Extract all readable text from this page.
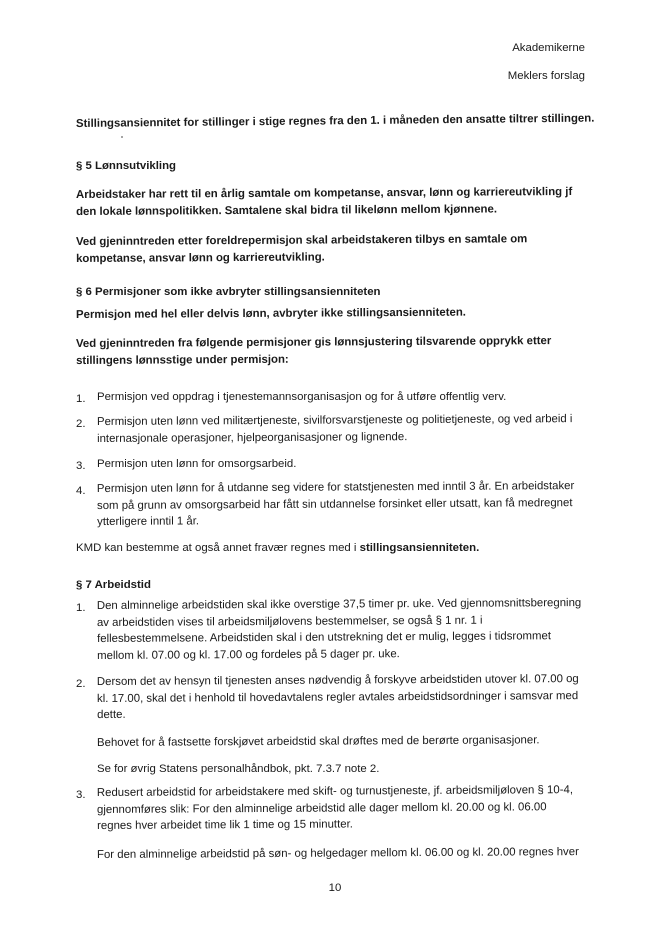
Akademikerne
Meklers forslag
Stillingsansiennitet for stillinger i stige regnes fra den 1. i måneden den ansatte tiltrer stillingen.
§ 5 Lønnsutvikling
Arbeidstaker har rett til en årlig samtale om kompetanse, ansvar, lønn og karriereutvikling jf den lokale lønnspolitikken. Samtalene skal bidra til likelønn mellom kjønnene.
Ved gjeninntreden etter foreldrepermisjon skal arbeidstakeren tilbys en samtale om kompetanse, ansvar lønn og karriereutvikling.
§ 6 Permisjoner som ikke avbryter stillingsansienniteten
Permisjon med hel eller delvis lønn, avbryter ikke stillingsansienniteten.
Ved gjeninntreden fra følgende permisjoner gis lønnsjustering tilsvarende opprykk etter stillingens lønnsstige under permisjon:
1.	Permisjon ved oppdrag i tjenestemannsorganisasjon og for å utføre offentlig verv.
2.	Permisjon uten lønn ved militærtjeneste, sivilforsvarstjeneste og politietjeneste, og ved arbeid i internasjonale operasjoner, hjelpeorganisasjoner og lignende.
3.	Permisjon uten lønn for omsorgsarbeid.
4. Permisjon uten lønn for å utdanne seg videre for statstjenesten med inntil 3 år. En arbeidstaker som på grunn av omsorgsarbeid har fått sin utdannelse forsinket eller utsatt, kan få medregnet ytterligere inntil 1 år.
KMD kan bestemme at også annet fravær regnes med i stillingsansienniteten.
§ 7 Arbeidstid
1. Den alminnelige arbeidstiden skal ikke overstige 37,5 timer pr. uke. Ved gjennomsnittsberegning av arbeidstiden vises til arbeidsmiljølovens bestemmelser, se også § 1 nr. 1 i fellesbestemmelsene. Arbeidstiden skal i den utstrekning det er mulig, legges i tidsrommet mellom kl. 07.00 og kl. 17.00 og fordeles på 5 dager pr. uke.
2. Dersom det av hensyn til tjenesten anses nødvendig å forskyve arbeidstiden utover kl. 07.00 og kl. 17.00, skal det i henhold til hovedavtalens regler avtales arbeidstidsordninger i samsvar med dette.
Behovet for å fastsette forskjøvet arbeidstid skal drøftes med de berørte organisasjoner.
Se for øvrig Statens personalhåndbok, pkt. 7.3.7 note 2.
3. Redusert arbeidstid for arbeidstakere med skift- og turnustjeneste, jf. arbeidsmiljøloven § 10-4, gjennomføres slik: For den alminnelige arbeidstid alle dager mellom kl. 20.00 og kl. 06.00 regnes hver arbeidet time lik 1 time og 15 minutter.
For den alminnelige arbeidstid på søn- og helgedager mellom kl. 06.00 og kl. 20.00 regnes hver
10
